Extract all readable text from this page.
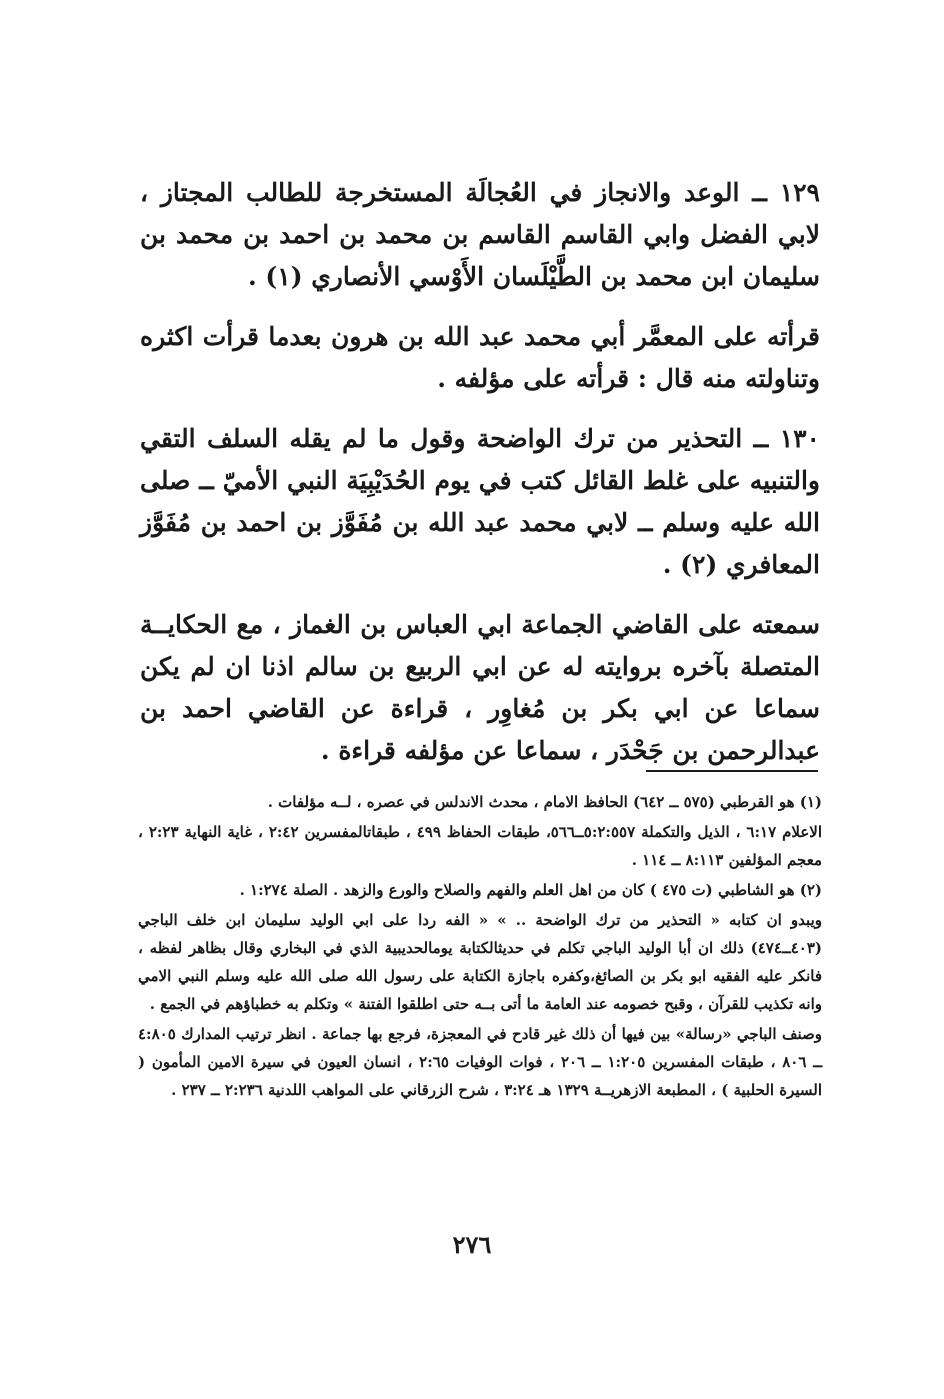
١٢٩ ــ الوعد والانجاز في العُجالَة المستخرجة للطالب المجتاز ، لابي الفضل وابي القاسم القاسم بن محمد بن احمد بن محمد بن سليمان ابن محمد بن الطَّيْلَسان الأَوْسي الأنصاري (١) .

قرأته على المعمَّر أبي محمد عبد الله بن هرون بعدما قرأت اكثره وتناولته منه قال : قرأته على مؤلفه .

١٣٠ ــ التحذير من ترك الواضحة وقول ما لم يقله السلف التقي والتنبيه على غلط القائل كتب في يوم الحُدَيْبِيَة النبي الأميّ ــ صلى الله عليه وسلم ــ لابي محمد عبد الله بن مُفَوَّز بن احمد بن مُفَوَّز المعافري (٢) .

سمعته على القاضي الجماعة ابي العباس بن الغماز ، مع الحكايــة المتصلة بآخره بروايته له عن ابي الربيع بن سالم اذنا ان لم يكن سماعا عن ابي بكر بن مُغاوِر ، قراءة عن القاضي احمد بن عبدالرحمن بن جَحْدَر ، سماعا عن مؤلفه قراءة .

(١) هو القرطبي (٥٧٥ ــ ٦٤٢) الحافظ الامام ، محدث الاندلس في عصره ، لــه مؤلفات .

الاعلام ٦:١٧ ، الذيل والتكملة ٥:٢:٥٥٧ــ٥٦٦، طبقات الحفاظ ٤٩٩ ، طبقاتالمفسرين ٢:٤٢ ، غاية النهاية ٢:٢٣ ، معجم المؤلفين ٨:١١٣ ــ ١١٤ .

(٢) هو الشاطبي (ت ٤٧٥ ) كان من اهل العلم والفهم والصلاح والورع والزهد . الصلة ١:٢٧٤ .

ويبدو ان كتابه « التحذير من ترك الواضحة .. » « الفه ردا على ابي الوليد سليمان ابن خلف الباجي (٤٠٣ــ٤٧٤) ذلك ان أبا الوليد الباجي تكلم في حديثالكتابة يومالحديبية الذي في البخاري وقال بظاهر لفظه ، فانكر عليه الفقيه ابو بكر بن الصائغ،وكفره باجازة الكتابة على رسول الله صلى الله عليه وسلم النبي الامي وانه تكذيب للقرآن ، وقبح خصومه عند العامة ما أتى بــه حتى اطلقوا الفتنة » وتكلم به خطباؤهم في الجمع .

وصنف الباجي «رسالة» بين فيها أن ذلك غير قادح في المعجزة، فرجع بها جماعة . انظر ترتيب المدارك ٤:٨٠٥ ــ ٨٠٦ ، طبقات المفسرين ١:٢٠٥ ــ ٢٠٦ ، فوات الوفيات ٢:٦٥ ، انسان العيون في سيرة الامين المأمون ( السيرة الحلبية ) ، المطبعة الازهريــة ١٣٢٩ هـ ٣:٢٤ ، شرح الزرقاني على المواهب اللدنية ٢:٢٣٦ ــ ٢٣٧ .

٢٧٦
